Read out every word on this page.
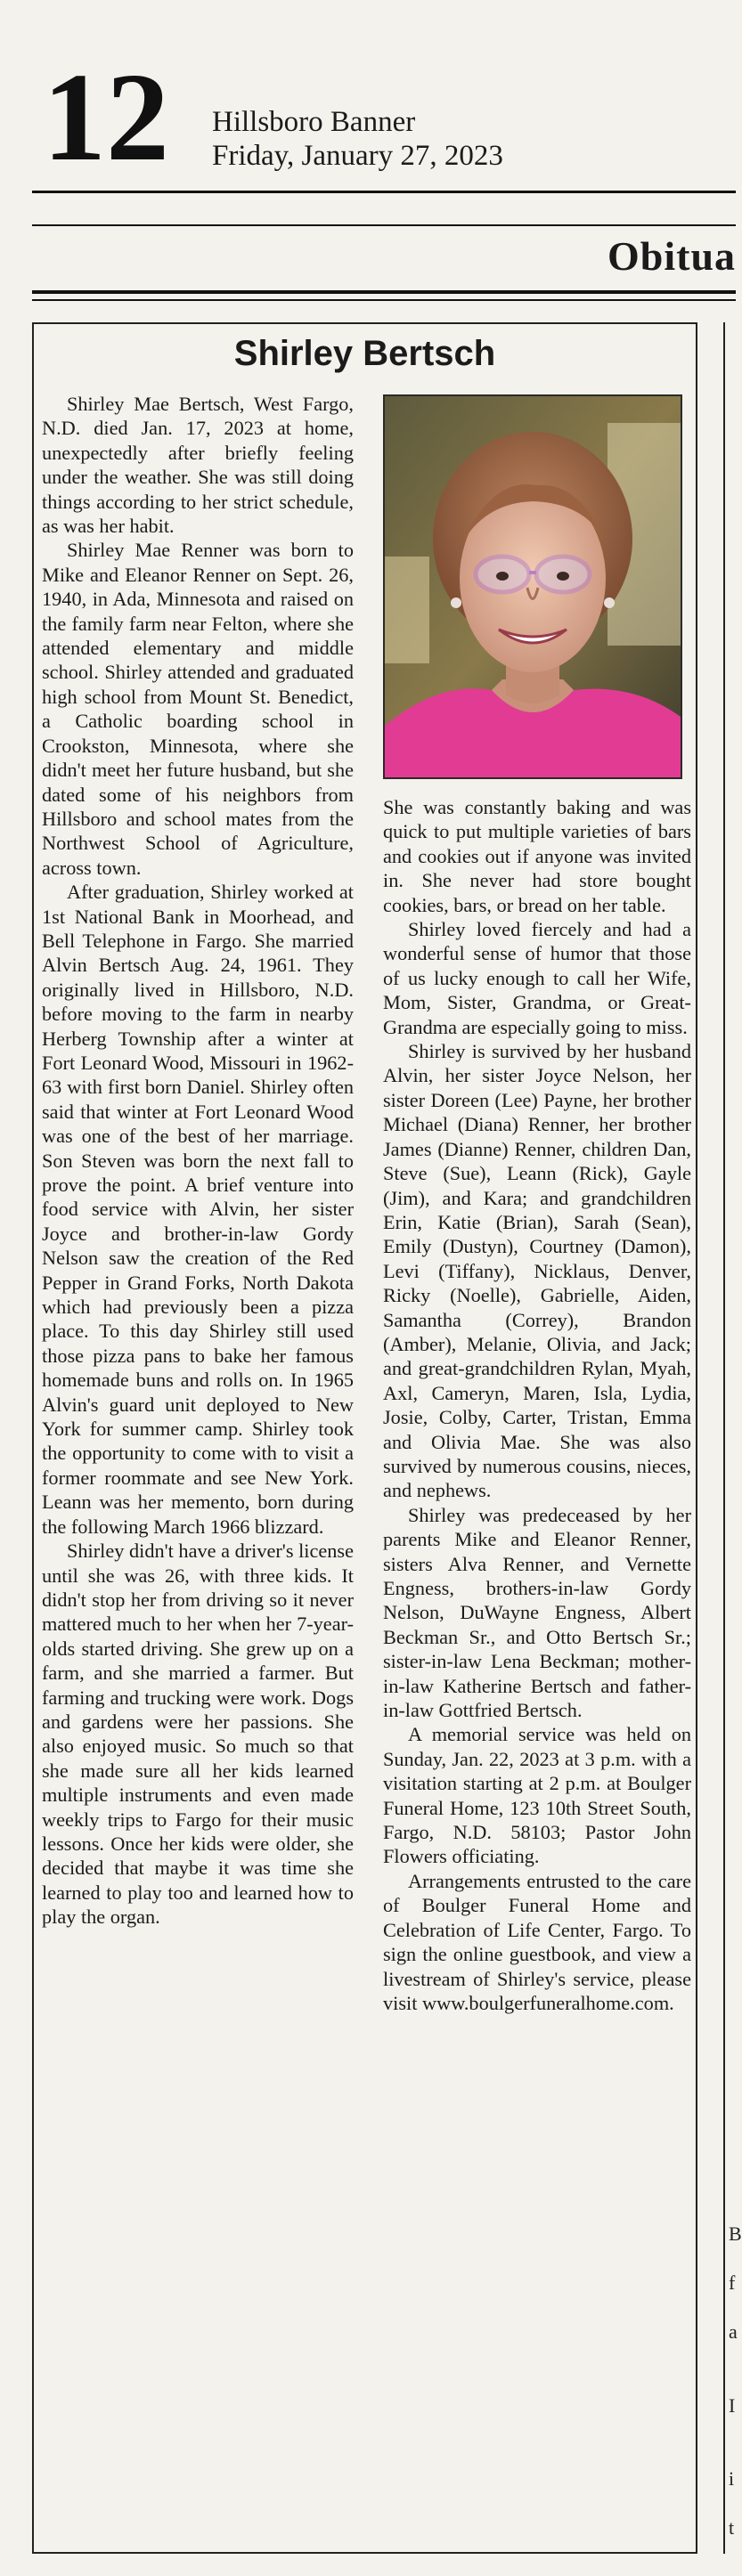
12 Hillsboro Banner
Friday, January 27, 2023
Obitua
Shirley Bertsch

Shirley Mae Bertsch, West Fargo, N.D. died Jan. 17, 2023 at home, unexpectedly after briefly feeling under the weather. She was still doing things according to her strict schedule, as was her habit.

Shirley Mae Renner was born to Mike and Eleanor Renner on Sept. 26, 1940, in Ada, Minnesota and raised on the family farm near Felton, where she attended elementary and middle school. Shirley attended and graduated high school from Mount St. Benedict, a Catholic boarding school in Crookston, Minnesota, where she didn't meet her future husband, but she dated some of his neighbors from Hillsboro and school mates from the Northwest School of Agriculture, across town.

After graduation, Shirley worked at 1st National Bank in Moorhead, and Bell Telephone in Fargo. She married Alvin Bertsch Aug. 24, 1961. They originally lived in Hillsboro, N.D. before moving to the farm in nearby Herberg Township after a winter at Fort Leonard Wood, Missouri in 1962-63 with first born Daniel. Shirley often said that winter at Fort Leonard Wood was one of the best of her marriage. Son Steven was born the next fall to prove the point. A brief venture into food service with Alvin, her sister Joyce and brother-in-law Gordy Nelson saw the creation of the Red Pepper in Grand Forks, North Dakota which had previously been a pizza place. To this day Shirley still used those pizza pans to bake her famous homemade buns and rolls on. In 1965 Alvin's guard unit deployed to New York for summer camp. Shirley took the opportunity to come with to visit a former roommate and see New York. Leann was her memento, born during the following March 1966 blizzard.

Shirley didn't have a driver's license until she was 26, with three kids. It didn't stop her from driving so it never mattered much to her when her 7-year-olds started driving. She grew up on a farm, and she married a farmer. But farming and trucking were work. Dogs and gardens were her passions. She also enjoyed music. So much so that she made sure all her kids learned multiple instruments and even made weekly trips to Fargo for their music lessons. Once her kids were older, she decided that maybe it was time she learned to play too and learned how to play the organ.

She was constantly baking and was quick to put multiple varieties of bars and cookies out if anyone was invited in. She never had store bought cookies, bars, or bread on her table.

Shirley loved fiercely and had a wonderful sense of humor that those of us lucky enough to call her Wife, Mom, Sister, Grandma, or Great-Grandma are especially going to miss.

Shirley is survived by her husband Alvin, her sister Joyce Nelson, her sister Doreen (Lee) Payne, her brother Michael (Diana) Renner, her brother James (Dianne) Renner, children Dan, Steve (Sue), Leann (Rick), Gayle (Jim), and Kara; and grandchildren Erin, Katie (Brian), Sarah (Sean), Emily (Dustyn), Courtney (Damon), Levi (Tiffany), Nicklaus, Denver, Ricky (Noelle), Gabrielle, Aiden, Samantha (Correy), Brandon (Amber), Melanie, Olivia, and Jack; and great-grandchildren Rylan, Myah, Axl, Cameryn, Maren, Isla, Lydia, Josie, Colby, Carter, Tristan, Emma and Olivia Mae. She was also survived by numerous cousins, nieces, and nephews.

Shirley was predeceased by her parents Mike and Eleanor Renner, sisters Alva Renner, and Vernette Engness, brothers-in-law Gordy Nelson, DuWayne Engness, Albert Beckman Sr., and Otto Bertsch Sr.; sister-in-law Lena Beckman; mother-in-law Katherine Bertsch and father-in-law Gottfried Bertsch.

A memorial service was held on Sunday, Jan. 22, 2023 at 3 p.m. with a visitation starting at 2 p.m. at Boulger Funeral Home, 123 10th Street South, Fargo, N.D. 58103; Pastor John Flowers officiating.

Arrangements entrusted to the care of Boulger Funeral Home and Celebration of Life Center, Fargo. To sign the online guestbook, and view a livestream of Shirley's service, please visit www.boulgerfuneralhome.com.

B
f
a
I
i
t
